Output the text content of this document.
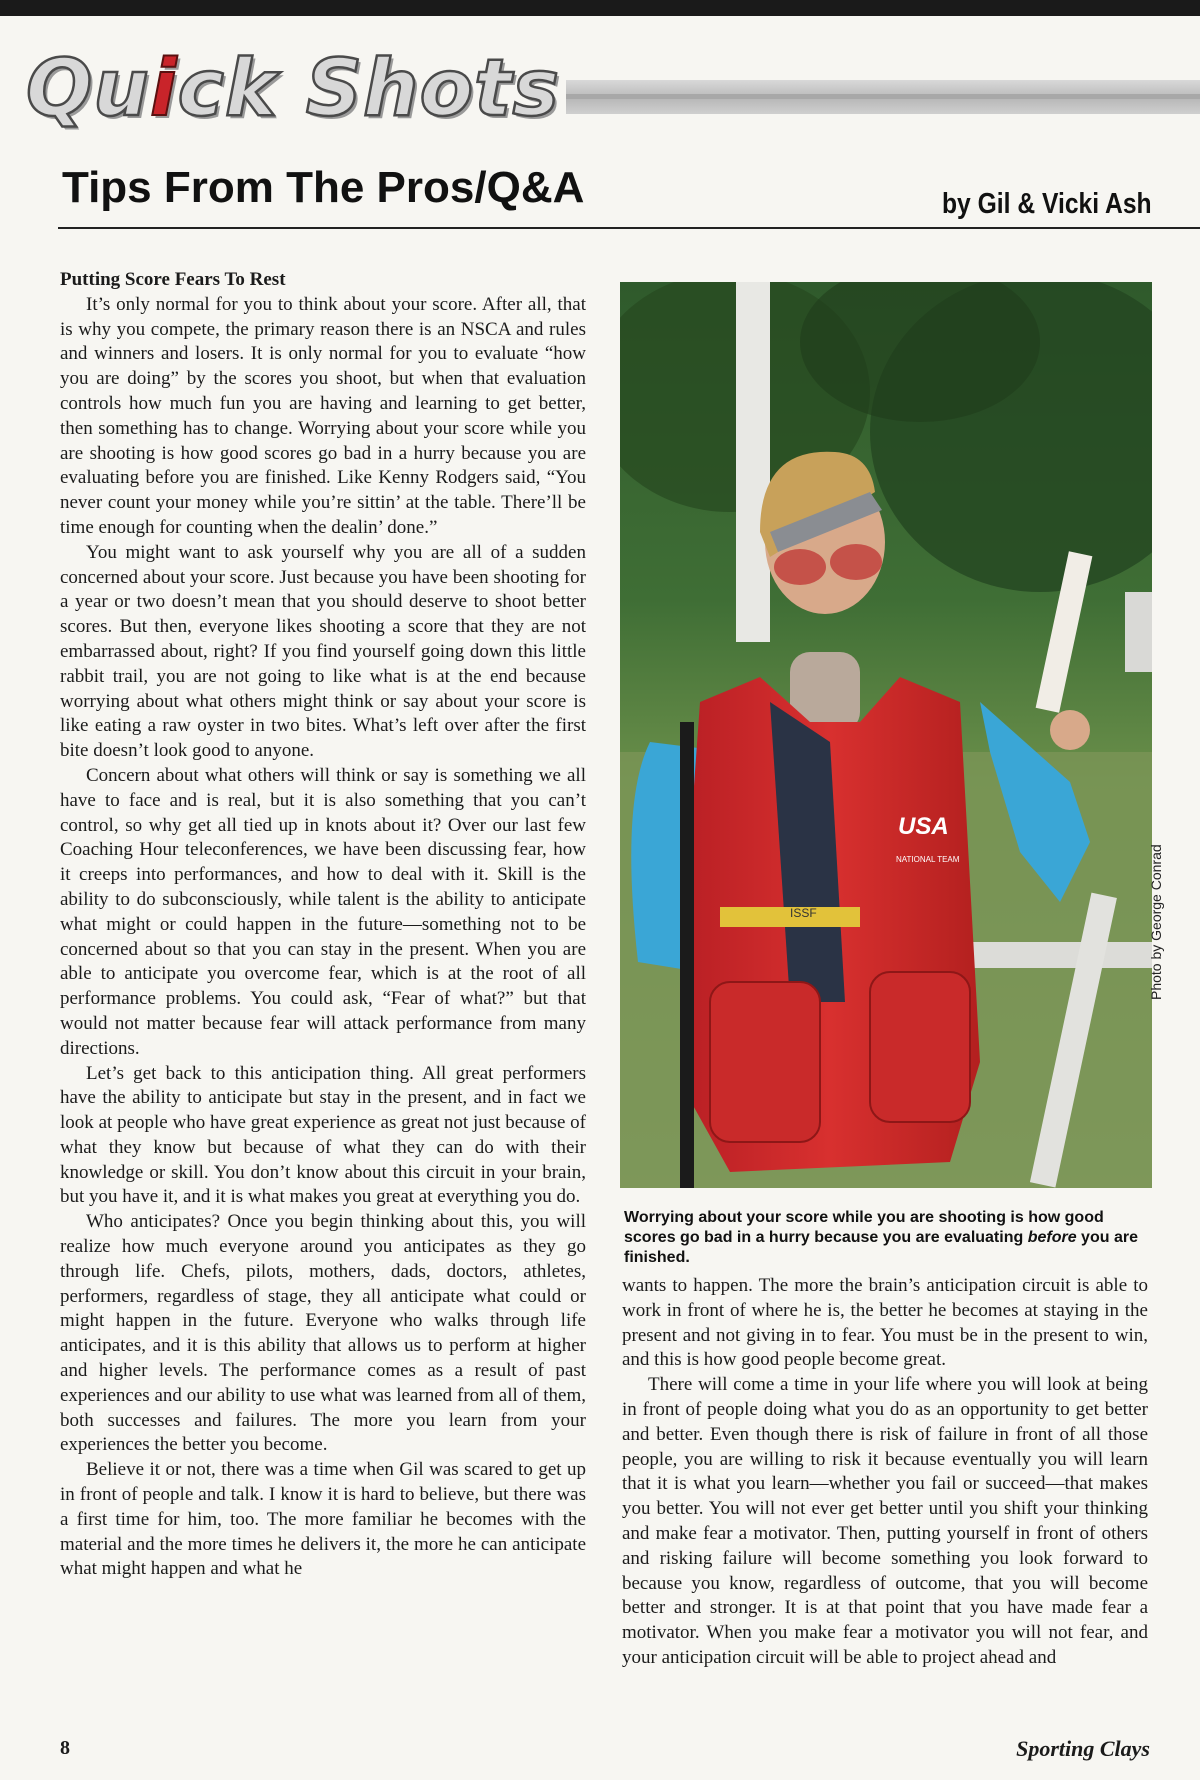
Quick Shots
Tips From The Pros/Q&A	by Gil & Vicki Ash
Putting Score Fears To Rest

It’s only normal for you to think about your score. After all, that is why you compete, the primary reason there is an NSCA and rules and winners and losers. It is only normal for you to evaluate “how you are doing” by the scores you shoot, but when that evaluation controls how much fun you are having and learning to get better, then something has to change. Worrying about your score while you are shooting is how good scores go bad in a hurry because you are evaluating before you are finished. Like Kenny Rodgers said, “You never count your money while you’re sittin’ at the table. There’ll be time enough for counting when the dealin’ done.”

You might want to ask yourself why you are all of a sudden concerned about your score. Just because you have been shooting for a year or two doesn’t mean that you should deserve to shoot better scores. But then, everyone likes shooting a score that they are not embarrassed about, right? If you find yourself going down this little rabbit trail, you are not going to like what is at the end because worrying about what others might think or say about your score is like eating a raw oyster in two bites. What’s left over after the first bite doesn’t look good to anyone.

Concern about what others will think or say is something we all have to face and is real, but it is also something that you can’t control, so why get all tied up in knots about it? Over our last few Coaching Hour teleconferences, we have been discussing fear, how it creeps into performances, and how to deal with it. Skill is the ability to do subconsciously, while talent is the ability to anticipate what might or could happen in the future—something not to be concerned about so that you can stay in the present. When you are able to anticipate you overcome fear, which is at the root of all performance problems. You could ask, “Fear of what?” but that would not matter because fear will attack performance from many directions.

Let’s get back to this anticipation thing. All great performers have the ability to anticipate but stay in the present, and in fact we look at people who have great experience as great not just because of what they know but because of what they can do with their knowledge or skill. You don’t know about this circuit in your brain, but you have it, and it is what makes you great at everything you do.

Who anticipates? Once you begin thinking about this, you will realize how much everyone around you anticipates as they go through life. Chefs, pilots, mothers, dads, doctors, athletes, performers, regardless of stage, they all anticipate what could or might happen in the future. Everyone who walks through life anticipates, and it is this ability that allows us to perform at higher and higher levels. The performance comes as a result of past experiences and our ability to use what was learned from all of them, both successes and failures. The more you learn from your experiences the better you become.

Believe it or not, there was a time when Gil was scared to get up in front of people and talk. I know it is hard to believe, but there was a first time for him, too. The more familiar he becomes with the material and the more times he delivers it, the more he can anticipate what might happen and what he

ISSF
USA
NATIONAL TEAM	Photo by George Conrad
Worrying about your score while you are shooting is how good scores go bad in a hurry because you are evaluating before you are finished.

wants to happen. The more the brain’s anticipation circuit is able to work in front of where he is, the better he becomes at staying in the present and not giving in to fear. You must be in the present to win, and this is how good people become great.

There will come a time in your life where you will look at being in front of people doing what you do as an opportunity to get better and better. Even though there is risk of failure in front of all those people, you are willing to risk it because eventually you will learn that it is what you learn—whether you fail or succeed—that makes you better. You will not ever get better until you shift your thinking and make fear a motivator. Then, putting yourself in front of others and risking failure will become something you look forward to because you know, regardless of outcome, that you will become better and stronger. It is at that point that you have made fear a motivator. When you make fear a motivator you will not fear, and your anticipation circuit will be able to project ahead and

8	Sporting Clays
